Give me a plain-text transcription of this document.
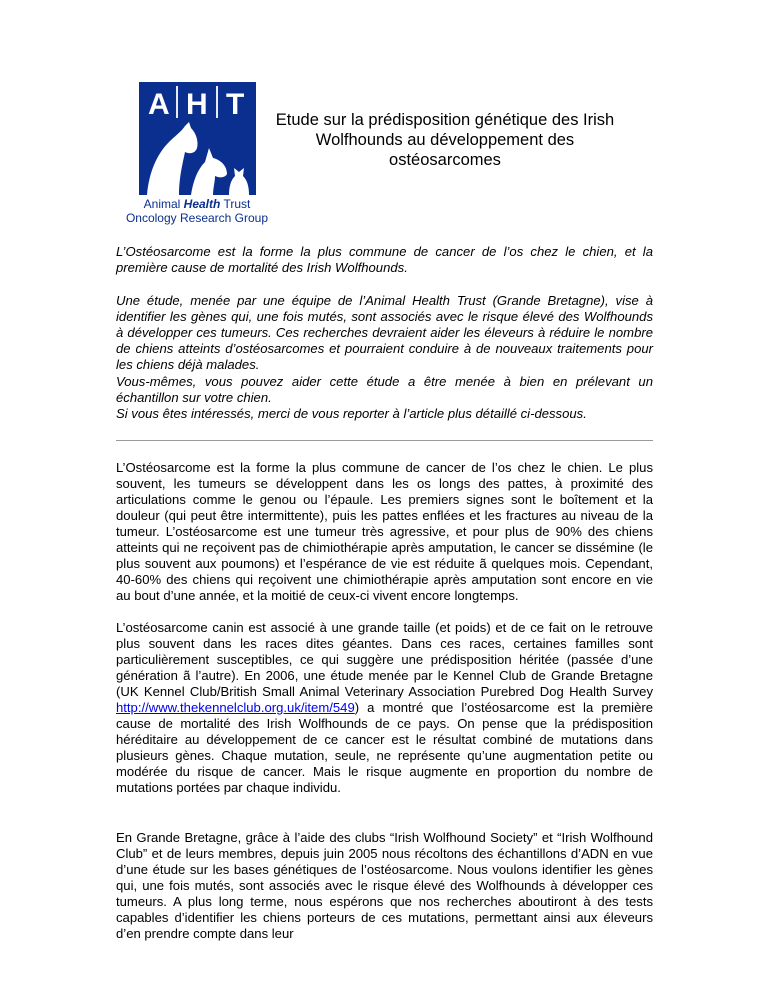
A H T
Animal Health Trust
Oncology Research Group
Etude sur la prédisposition génétique des Irish Wolfhounds au développement des ostéosarcomes

L’Ostéosarcome est la forme la plus commune de cancer de l’os chez le chien, et la première cause de mortalité des Irish Wolfhounds.

Une étude, menée par une équipe de l’Animal Health Trust (Grande Bretagne), vise à identifier les gènes qui, une fois mutés, sont associés avec le risque élevé des Wolfhounds à développer ces tumeurs. Ces recherches devraient aider les éleveurs à réduire le nombre de chiens atteints d’ostéosarcomes et pourraient conduire à de nouveaux traitements pour les chiens déjà malades.

Vous-mêmes, vous pouvez aider cette étude a être menée à bien en prélevant un échantillon sur votre chien.
Si vous êtes intéressés, merci de vous reporter à l’article plus détaillé ci-dessous.

L’Ostéosarcome est la forme la plus commune de cancer de l’os chez le chien. Le plus souvent, les tumeurs se développent dans les os longs des pattes, à proximité des articulations comme le genou ou l’épaule. Les premiers signes sont le boîtement et la douleur (qui peut être intermittente), puis les pattes enflées et les fractures au niveau de la tumeur. L’ostéosarcome est une tumeur très agressive, et pour plus de 90% des chiens atteints qui ne reçoivent pas de chimiothérapie après amputation, le cancer se dissémine (le plus souvent aux poumons) et l’espérance de vie est réduite ã quelques mois. Cependant, 40-60% des chiens qui reçoivent une chimiothérapie après amputation sont encore en vie au bout d’une année, et la moitié de ceux-ci vivent encore longtemps.

L’ostéosarcome canin est associé à une grande taille (et poids) et de ce fait on le retrouve plus souvent dans les races dites géantes. Dans ces races, certaines familles sont particulièrement susceptibles, ce qui suggère une prédisposition héritée (passée d’une génération ã l’autre). En 2006, une étude menée par le Kennel Club de Grande Bretagne (UK Kennel Club/British Small Animal Veterinary Association Purebred Dog Health Survey http://www.thekennelclub.org.uk/item/549) a montré que l’ostéosarcome est la première cause de mortalité des Irish Wolfhounds de ce pays. On pense que la prédisposition héréditaire au développement de ce cancer est le résultat combiné de mutations dans plusieurs gènes. Chaque mutation, seule, ne représente qu’une augmentation petite ou modérée du risque de cancer. Mais le risque augmente en proportion du nombre de mutations portées par chaque individu.

En Grande Bretagne, grâce à l’aide des clubs “Irish Wolfhound Society” et “Irish Wolfhound Club” et de leurs membres, depuis juin 2005 nous récoltons des échantillons d’ADN en vue d’une étude sur les bases génétiques de l’ostéosarcome. Nous voulons identifier les gènes qui, une fois mutés, sont associés avec le risque élevé des Wolfhounds à développer ces tumeurs. A plus long terme, nous espérons que nos recherches aboutiront à des tests capables d’identifier les chiens porteurs de ces mutations, permettant ainsi aux éleveurs d’en prendre compte dans leur
